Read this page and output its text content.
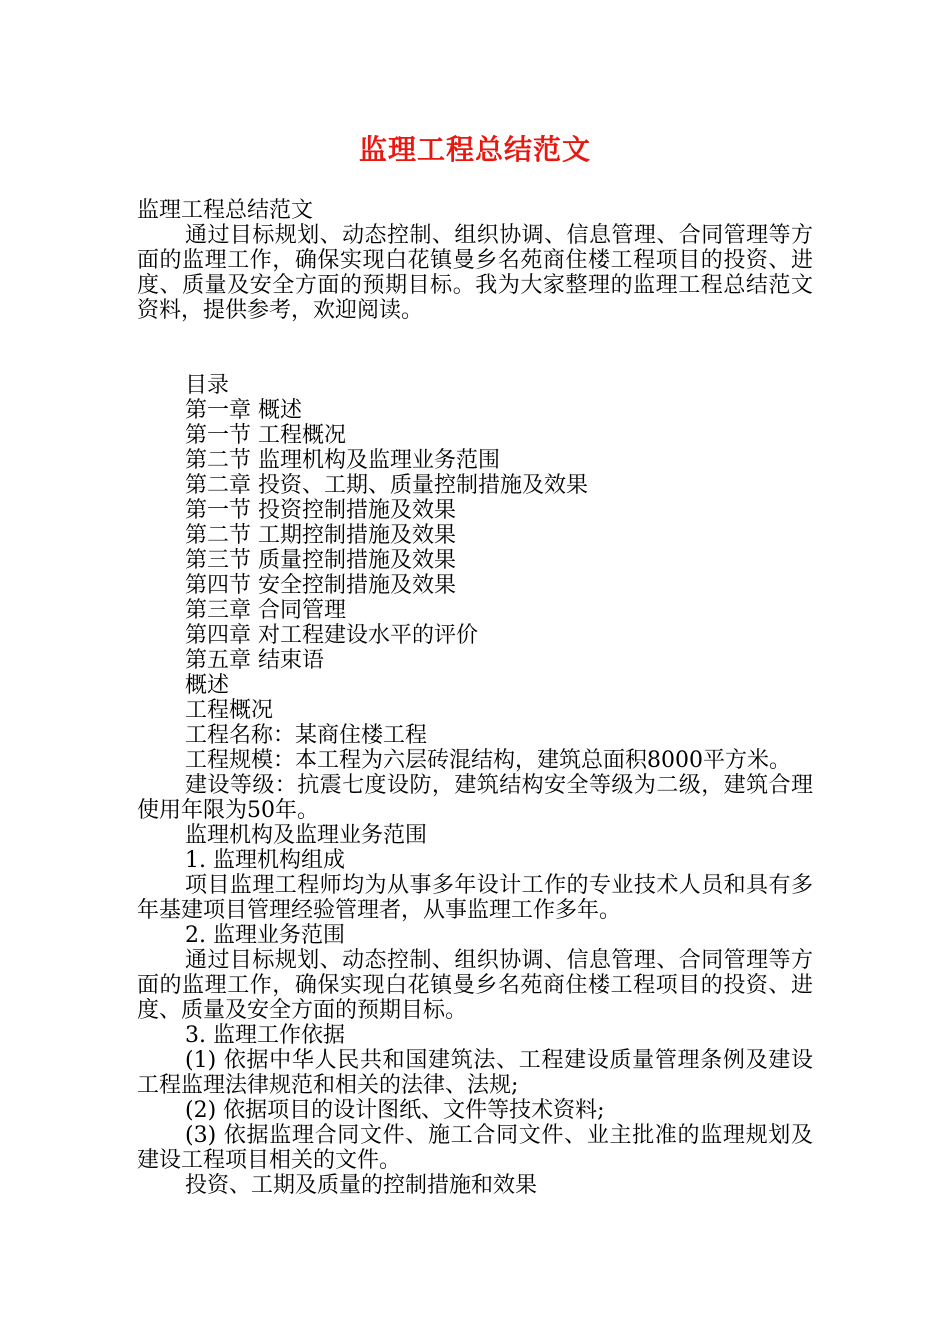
监理工程总结范文

监理工程总结范文

通过目标规划、动态控制、组织协调、信息管理、合同管理等方面的监理工作，确保实现白花镇曼乡名苑商住楼工程项目的投资、进度、质量及安全方面的预期目标。我为大家整理的监理工程总结范文资料，提供参考，欢迎阅读。

目录

第一章 概述

第一节 工程概况

第二节 监理机构及监理业务范围

第二章 投资、工期、质量控制措施及效果

第一节 投资控制措施及效果

第二节 工期控制措施及效果

第三节 质量控制措施及效果

第四节 安全控制措施及效果

第三章 合同管理

第四章 对工程建设水平的评价

第五章 结束语

概述

工程概况

工程名称：某商住楼工程

工程规模：本工程为六层砖混结构，建筑总面积8000平方米。

建设等级：抗震七度设防，建筑结构安全等级为二级，建筑合理使用年限为50年。

监理机构及监理业务范围

1. 监理机构组成

项目监理工程师均为从事多年设计工作的专业技术人员和具有多年基建项目管理经验管理者，从事监理工作多年。

2. 监理业务范围

通过目标规划、动态控制、组织协调、信息管理、合同管理等方面的监理工作，确保实现白花镇曼乡名苑商住楼工程项目的投资、进度、质量及安全方面的预期目标。

3. 监理工作依据

(1) 依据中华人民共和国建筑法、工程建设质量管理条例及建设工程监理法律规范和相关的法律、法规;

(2) 依据项目的设计图纸、文件等技术资料;

(3) 依据监理合同文件、施工合同文件、业主批准的监理规划及建设工程项目相关的文件。

投资、工期及质量的控制措施和效果
